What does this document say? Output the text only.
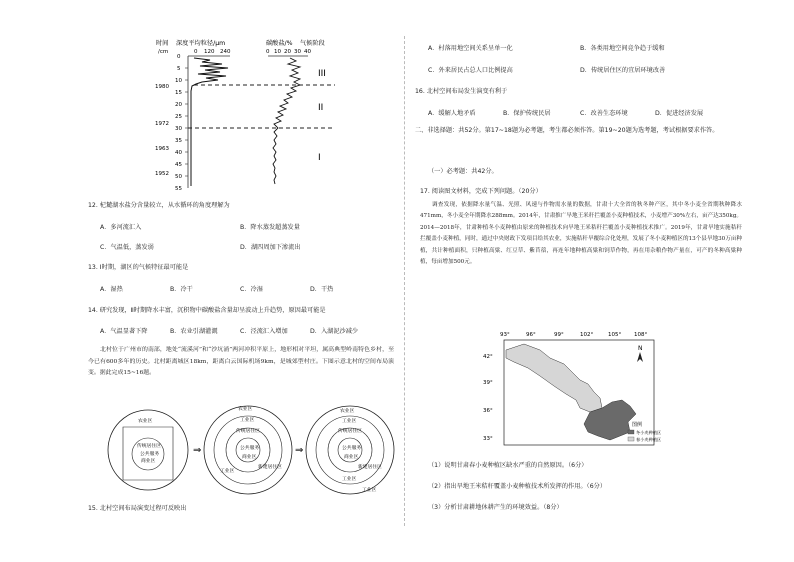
时间 深度平均粒径/μm
/cm
碳酸盐/% 气候阶段
0 120 240	0 10 20 30 40
0
5
10
15
20
25
30
35
40
45
50
55
1980
1972
1963
1952
III
II
I
12. 杞麓湖水盐分含量较立，从水循环的角度理解为
A．多河流汇入	B．降水蒸发超蒸发量
C．气温低，蒸发弱	D．湖四周加下渗流出
13. Ⅰ时期，湖区的气候特征最可能是
A．湿热	B．冷干	C．冷湿	D．干热
14. 研究发现，Ⅱ时期降水丰富，沉积物中碳酸盐含量却呈波动上升趋势，原因最可能是
A．气温显著下降	B．农业引湖灌溉	C．泾流汇入增加	D．入湖泥沙减少
北村位于广州市的南部，地处“流溪河”和“沙坑涌”两河冲积平原上，地形相对平坦，属高典型岭南特色乡村，至今已有600多年的历史。北村距离城区18km，距离白云国际机场9km，是城郊型村庄。下图示意北村的空间布局演变。据此完成15~16题。
农业区
传统居住区
公共服务
商业区
⇒
农业区
工业区
传统居住区
公共服务
商业区
新建居住区
工业区
⇒
农业区
工业区
传统居住区
公共服务
商业区
新建居住区
工业区
工业区
15. 北村空间布局演变过程可反映出
A．村落用地空间关系呈单一化	B．各类用地空间竞争趋于缓和
C．外来居民占总人口比例提高	D．传统居住区的宜居环境改善
16. 北村空间布局发生演变有利于
A．缓解人地矛盾	B．保护传统民居	C．改善生态环境	D．促进经济发展
二、非选择题：共52分。第17~18题为必考题，考生都必须作答。第19~20题为选考题，考试根据要求作答。
（一）必考题：共42分。
17. 阅读图文材料，完成下列问题。（20分）
调查发现，依据降水量气温、光照、风速与作物需水量的数据，甘肃十大全省的秋冬种产区，其中冬小麦全省期秋种降水471mm，冬小麦全年期降水288mm。2014年，甘肃推广旱地王米秆拦覆盖小麦种植技术，小麦增产30%左右，亩产达350kg。2014—2018年，甘肃种植冬小麦种植由原来的种植技术向旱地王米秸秆拦覆盖小麦种植技术推广。2019年，甘肃旱地实施秸秆拦覆盖小麦种植，同时，通过中央财政下发项目给其农业，实施秸秆旱覆综合化处理，发展了冬小麦种植区的13个县旱地30万亩种植，共计种植面积，只种植高粱、红豆草、紫苜蓿，再连年地种植高粱和饲草作物，再在用杂粮作物产量在，可产的冬种高粱种植，每亩增加500元。
93°	96°	99°	102°	105° 108°
42°
39°
36°
33°
N
图例
冬小麦种植区
春小麦种植区
（1）说明甘肃春小麦种植区缺水严重的自然原因。（6分）
（2）指出旱地王米秸秆覆盖小麦种植技术所发挥的作用。（6分）
（3）分析甘肃耕地休耕产生的环境效益。（8分）
